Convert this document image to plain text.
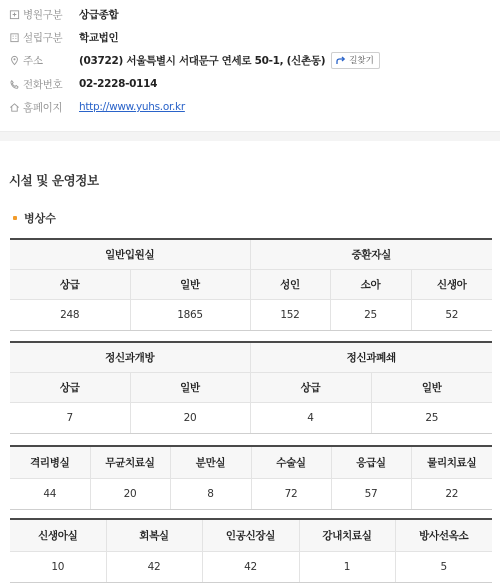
병원구분	상급종합
설립구분	학교법인
주소	(03722) 서울특별시 서대문구 연세로 50-1, (신촌동)	길찾기
전화번호	02-2228-0114
홈페이지	http://www.yuhs.or.kr
시설 및 운영정보
병상수
일반입원실		중환자실		
상급	일반	성인	소아	신생아
248	1865	152	25	52
정신과개방		정신과폐쇄	
상급	일반	상급	일반
7	20	4	25
격리병실	무균치료실	분만실	수술실	응급실	물리치료실
44	20	8	72	57	22
신생아실	회복실	인공신장실	강내치료실	방사선옥소
10	42	42	1	5
